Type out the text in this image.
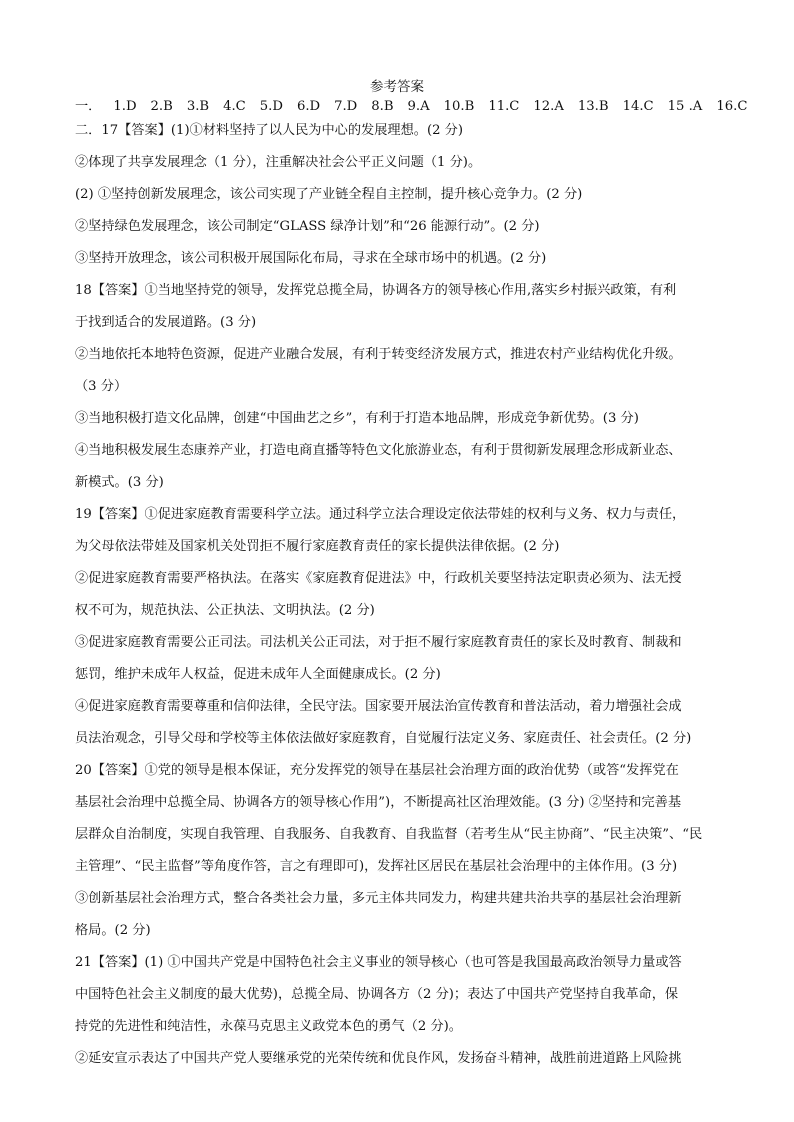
参考答案
一． 1.D 2.B 3.B 4.C 5.D 6.D 7.D 8.B 9.A 10.B 11.C 12.A 13.B 14.C 15 .A 16.C
二．17【答案】(1)①材料坚持了以人民为中心的发展理想。(2 分)
②体现了共享发展理念（1 分），注重解决社会公平正义问题（1 分)。
(2) ①坚持创新发展理念，该公司实现了产业链全程自主控制，提升核心竞争力。(2 分)
②坚持绿色发展理念，该公司制定“GLASS 绿净计划”和“26 能源行动”。(2 分)
③坚持开放理念，该公司积极开展国际化布局，寻求在全球市场中的机遇。(2 分)
18【答案】①当地坚持党的领导，发挥党总揽全局，协调各方的领导核心作用,落实乡村振兴政策，有利
于找到适合的发展道路。(3 分)
②当地依托本地特色资源，促进产业融合发展，有利于转变经济发展方式，推进农村产业结构优化升级。
（3 分）
③当地积极打造文化品牌，创建“中国曲艺之乡”，有利于打造本地品牌，形成竞争新优势。(3 分)
④当地积极发展生态康养产业，打造电商直播等特色文化旅游业态，有利于贯彻新发展理念形成新业态、
新模式。(3 分)
19【答案】①促进家庭教育需要科学立法。通过科学立法合理设定依法带娃的权利与义务、权力与责任，
为父母依法带娃及国家机关处罚拒不履行家庭教育责任的家长提供法律依据。(2 分)
②促进家庭教育需要严格执法。在落实《家庭教育促进法》中，行政机关要坚持法定职责必须为、法无授
权不可为，规范执法、公正执法、文明执法。(2 分)
③促进家庭教育需要公正司法。司法机关公正司法，对于拒不履行家庭教育责任的家长及时教育、制裁和
惩罚，维护未成年人权益，促进未成年人全面健康成长。(2 分)
④促进家庭教育需要尊重和信仰法律，全民守法。国家要开展法治宣传教育和普法活动，着力增强社会成
员法治观念，引导父母和学校等主体依法做好家庭教育，自觉履行法定义务、家庭责任、社会责任。(2 分)
20【答案】①党的领导是根本保证，充分发挥党的领导在基层社会治理方面的政治优势（或答“发挥党在
基层社会治理中总揽全局、协调各方的领导核心作用”)，不断提高社区治理效能。(3 分) ②坚持和完善基
层群众自治制度，实现自我管理、自我服务、自我教育、自我监督（若考生从“民主协商”、“民主决策”、“民
主管理”、“民主监督”等角度作答，言之有理即可)，发挥社区居民在基层社会治理中的主体作用。(3 分)
③创新基层社会治理方式，整合各类社会力量，多元主体共同发力，构建共建共治共享的基层社会治理新
格局。(2 分)
21【答案】(1) ①中国共产党是中国特色社会主义事业的领导核心（也可答是我国最高政治领导力量或答
中国特色社会主义制度的最大优势)，总揽全局、协调各方（2 分)；表达了中国共产党坚持自我革命，保
持党的先进性和纯洁性，永葆马克思主义政党本色的勇气（2 分)。
②延安宣示表达了中国共产党人要继承党的光荣传统和优良作风，发扬奋斗精神，战胜前进道路上风险挑
